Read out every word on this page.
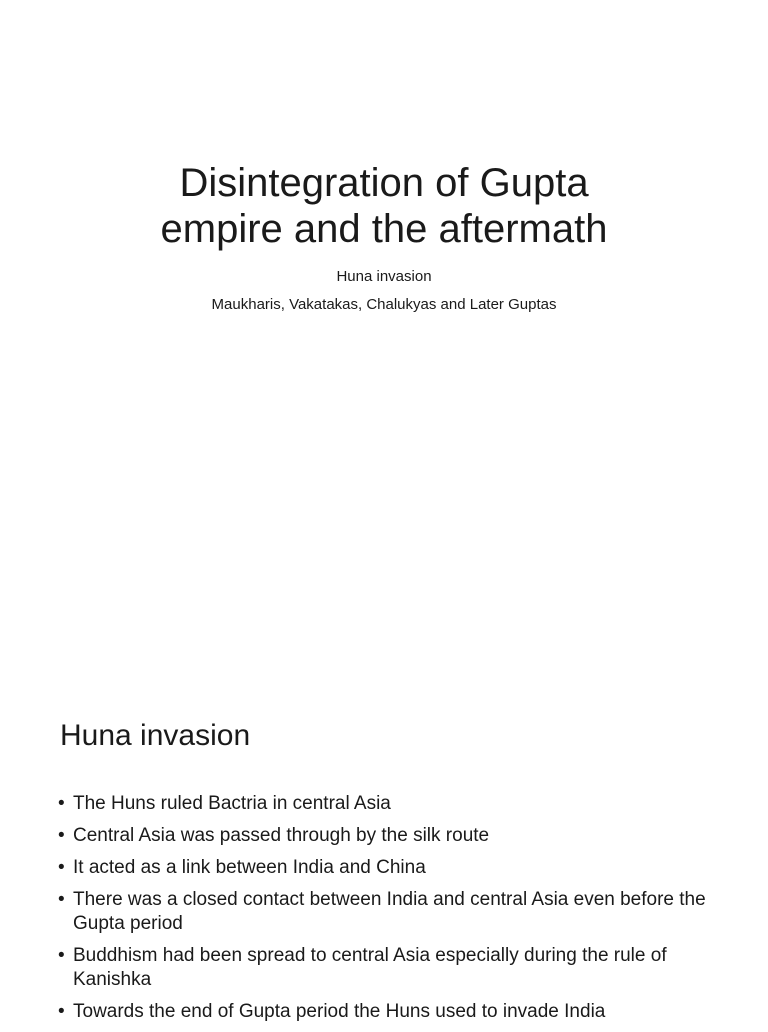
Disintegration of Gupta
empire and the aftermath

Huna invasion

Maukharis, Vakatakas, Chalukyas and Later Guptas

Huna invasion
• The Huns ruled Bactria in central Asia
• Central Asia was passed through by the silk route
• It acted as a link between India and China
• There was a closed contact between India and central Asia even before the Gupta period
• Buddhism had been spread to central Asia especially during the rule of Kanishka
• Towards the end of Gupta period the Huns used to invade India
